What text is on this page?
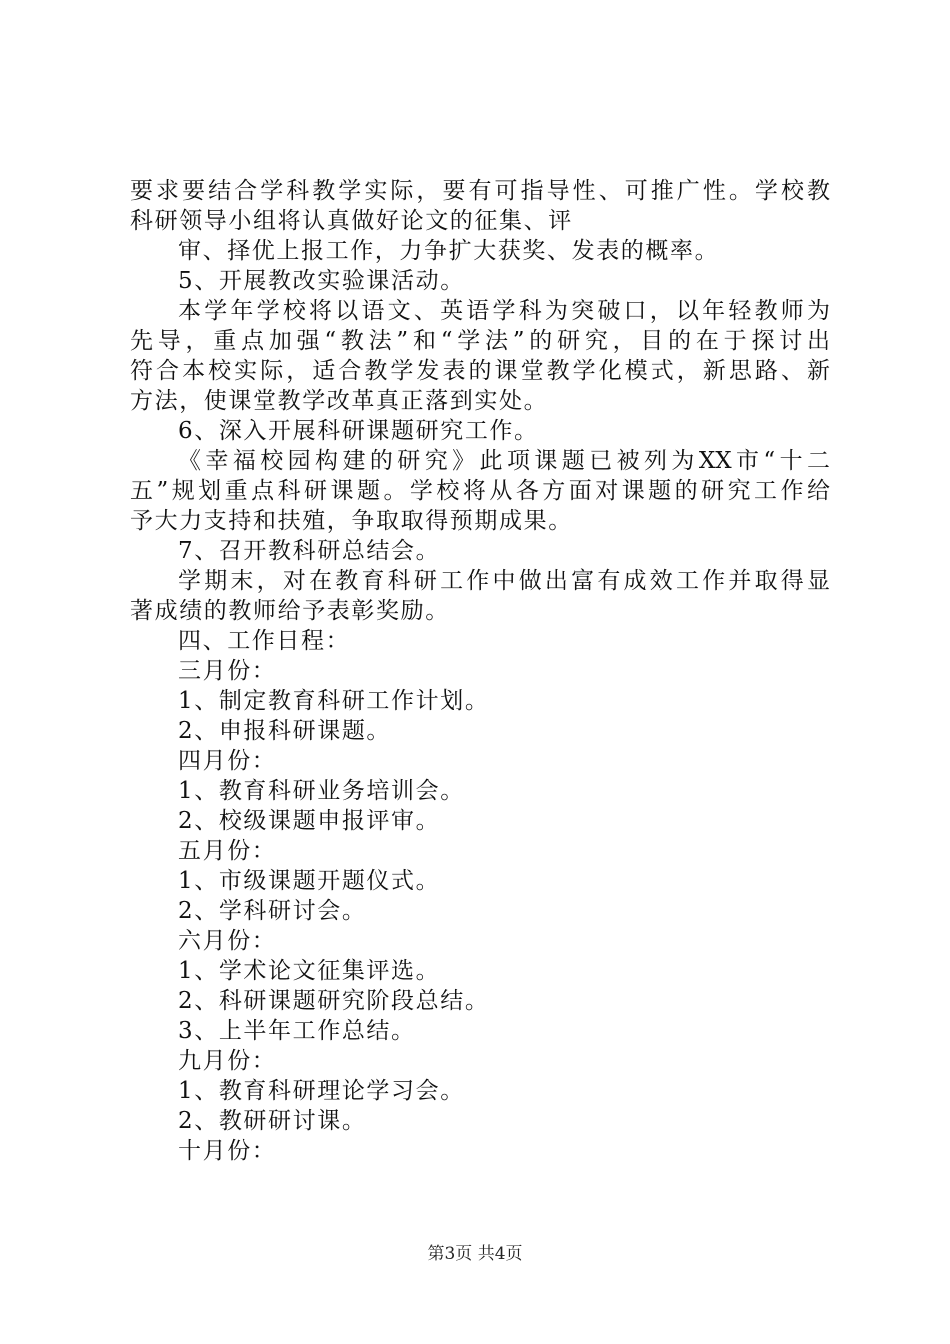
要求要结合学科教学实际，要有可指导性、可推广性。学校教
科研领导小组将认真做好论文的征集、评
审、择优上报工作，力争扩大获奖、发表的概率。
5、开展教改实验课活动。
本学年学校将以语文、英语学科为突破口，以年轻教师为
先导，重点加强“教法”和“学法”的研究，目的在于探讨出
符合本校实际，适合教学发表的课堂教学化模式，新思路、新
方法，使课堂教学改革真正落到实处。
6、深入开展科研课题研究工作。
《幸福校园构建的研究》此项课题已被列为XX市“十二
五”规划重点科研课题。学校将从各方面对课题的研究工作给
予大力支持和扶殖，争取取得预期成果。
7、召开教科研总结会。
学期末，对在教育科研工作中做出富有成效工作并取得显
著成绩的教师给予表彰奖励。
四、工作日程：
三月份：
1、制定教育科研工作计划。
2、申报科研课题。
四月份：
1、教育科研业务培训会。
2、校级课题申报评审。
五月份：
1、市级课题开题仪式。
2、学科研讨会。
六月份：
1、学术论文征集评选。
2、科研课题研究阶段总结。
3、上半年工作总结。
九月份：
1、教育科研理论学习会。
2、教研研讨课。
十月份：
第3页 共4页
